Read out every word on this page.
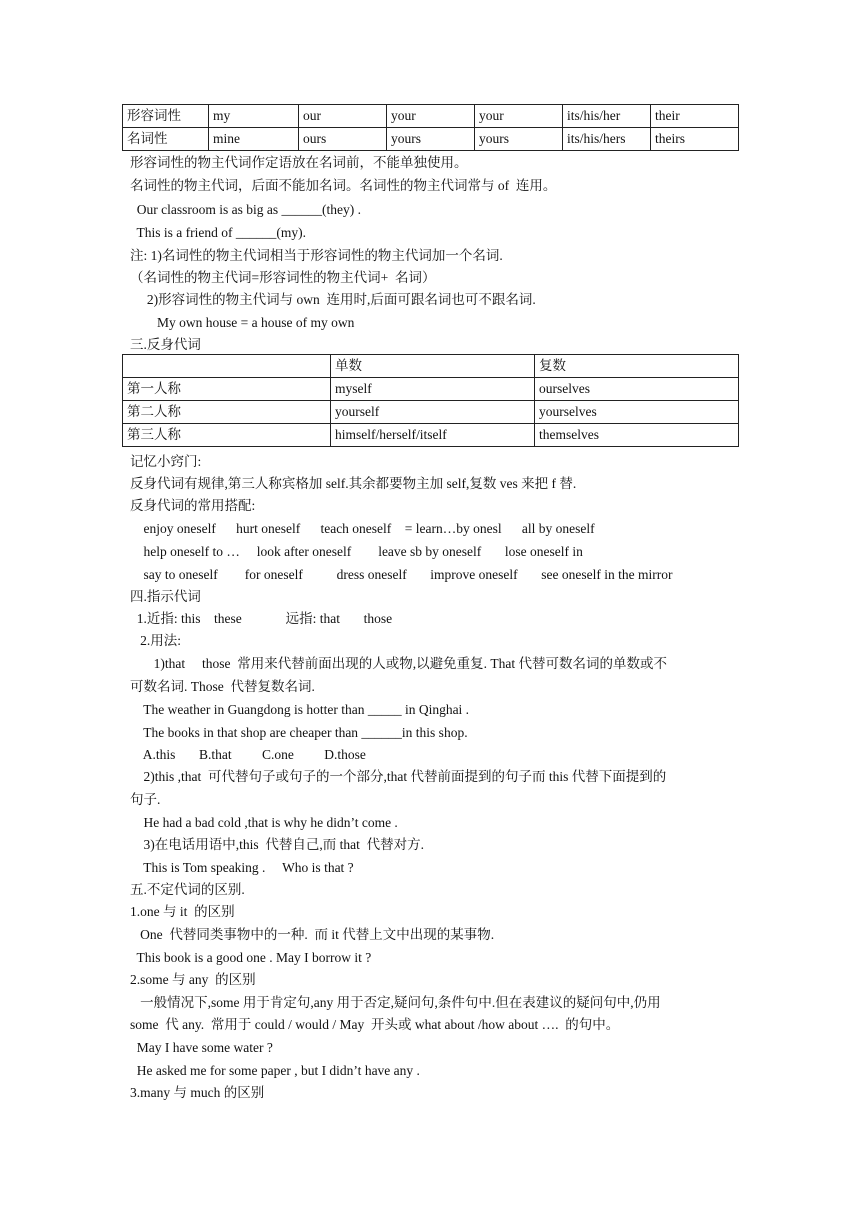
形容词性	my	our	your	your	its/his/her	their
名词性	mine	ours	yours	yours	its/his/hers	theirs
形容词性的物主代词作定语放在名词前，不能单独使用。
名词性的物主代词，后面不能加名词。名词性的物主代词常与 of  连用。
Our classroom is as big as ______(they) .
This is a friend of ______(my).
注: 1)名词性的物主代词相当于形容词性的物主代词加一个名词.
（名词性的物主代词=形容词性的物主代词+  名词）
2)形容词性的物主代词与 own  连用时,后面可跟名词也可不跟名词.
My own house = a house of my own
三.反身代词
	单数	复数
第一人称	myself	ourselves
第二人称	yourself	yourselves
第三人称	himself/herself/itself	themselves
记忆小窍门:
反身代词有规律,第三人称宾格加 self.其余都要物主加 self,复数 ves 来把 f 替.
反身代词的常用搭配:
enjoy oneself      hurt oneself      teach oneself    = learn…by onesl      all by oneself
help oneself to …     look after oneself        leave sb by oneself       lose oneself in
say to oneself        for oneself          dress oneself       improve oneself       see oneself in the mirror
四.指示代词
1.近指: this    these             远指: that       those
2.用法:
1)that     those  常用来代替前面出现的人或物,以避免重复. That 代替可数名词的单数或不
可数名词. Those  代替复数名词.
The weather in Guangdong is hotter than _____ in Qinghai .
The books in that shop are cheaper than ______in this shop.
A.this       B.that         C.one         D.those
2)this ,that  可代替句子或句子的一个部分,that 代替前面提到的句子而 this 代替下面提到的
句子.
He had a bad cold ,that is why he didn’t come .
3)在电话用语中,this  代替自己,而 that  代替对方.
This is Tom speaking .     Who is that ?
五.不定代词的区别.
1.one 与 it  的区别
One  代替同类事物中的一种.  而 it 代替上文中出现的某事物.
This book is a good one . May I borrow it ?
2.some 与 any  的区别
一般情况下,some 用于肯定句,any 用于否定,疑问句,条件句中.但在表建议的疑问句中,仍用
some  代 any.  常用于 could / would / May  开头或 what about /how about ….  的句中。
May I have some water ?
He asked me for some paper , but I didn’t have any .
3.many 与 much 的区别
